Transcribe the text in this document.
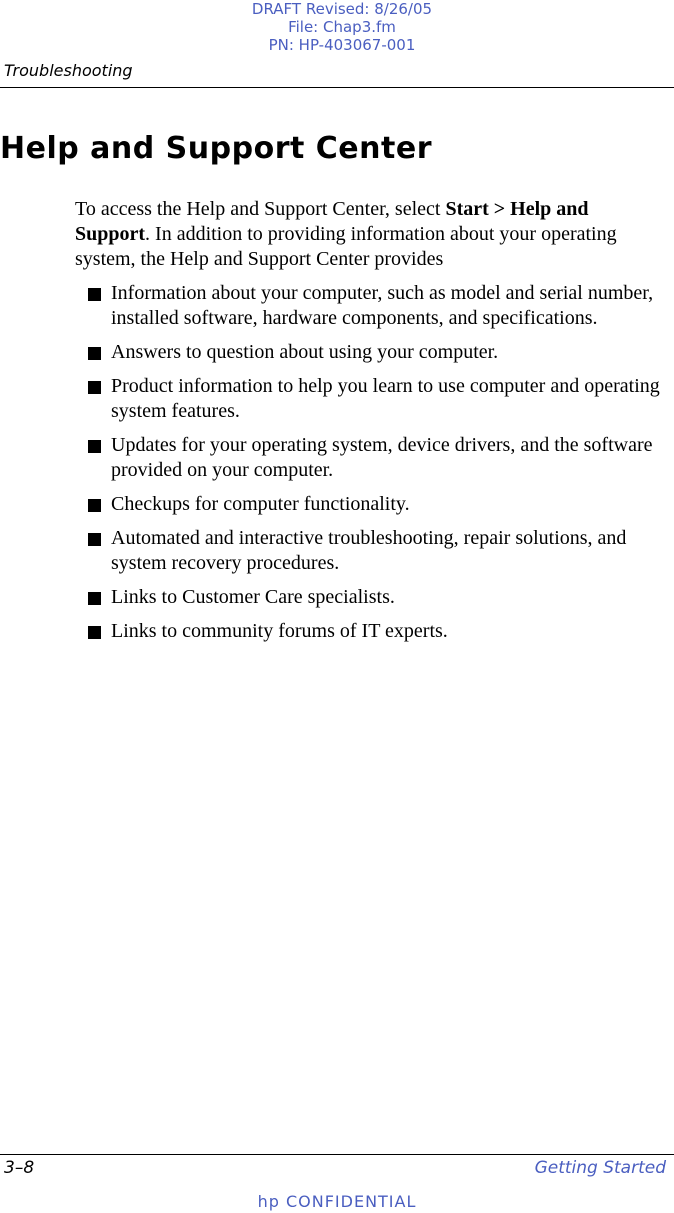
DRAFT Revised: 8/26/05
File: Chap3.fm
PN: HP-403067-001
Troubleshooting
Help and Support Center

To access the Help and Support Center, select Start > Help and Support. In addition to providing information about your operating system, the Help and Support Center provides

Information about your computer, such as model and serial number, installed software, hardware components, and specifications.
Answers to question about using your computer.
Product information to help you learn to use computer and operating system features.
Updates for your operating system, device drivers, and the software provided on your computer.
Checkups for computer functionality.
Automated and interactive troubleshooting, repair solutions, and system recovery procedures.
Links to Customer Care specialists.
Links to community forums of IT experts.
3–8	Getting Started
hp CONFIDENTIAL
